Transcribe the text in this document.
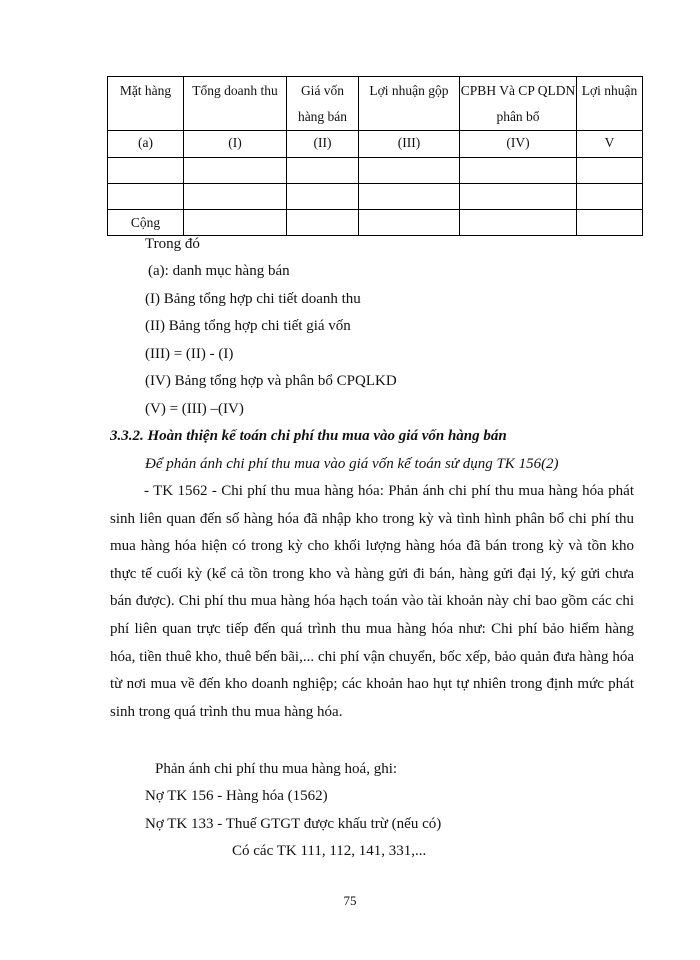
Mặt hàng	Tổng doanh thu	Giá vốn hàng bán	Lợi nhuận gộp	CPBH Và CP QLDN phân bổ	Lợi nhuận
(a)	(I)	(II)	(III)	(IV)	V

Cộng					
Trong đó
(a): danh mục hàng bán
(I) Bảng tổng hợp chi tiết doanh thu
(II) Bảng tổng hợp chi tiết giá vốn
(III) = (II) - (I)
(IV) Bảng tổng hợp và phân bổ CPQLKD
(V) = (III) –(IV)
3.3.2. Hoàn thiện kế toán chi phí thu mua vào giá vốn hàng bán
Để phản ánh chi phí thu mua vào giá vốn kế toán sử dụng TK 156(2)

- TK 1562 - Chi phí thu mua hàng hóa: Phản ánh chi phí thu mua hàng hóa phát sinh liên quan đến số hàng hóa đã nhập kho trong kỳ và tình hình phân bổ chi phí thu mua hàng hóa hiện có trong kỳ cho khối lượng hàng hóa đã bán trong kỳ và tồn kho thực tế cuối kỳ (kể cả tồn trong kho và hàng gửi đi bán, hàng gửi đại lý, ký gửi chưa bán được). Chi phí thu mua hàng hóa hạch toán vào tài khoản này chỉ bao gồm các chi phí liên quan trực tiếp đến quá trình thu mua hàng hóa như: Chi phí bảo hiểm hàng hóa, tiền thuê kho, thuê bến bãi,... chi phí vận chuyển, bốc xếp, bảo quản đưa hàng hóa từ nơi mua về đến kho doanh nghiệp; các khoản hao hụt tự nhiên trong định mức phát sinh trong quá trình thu mua hàng hóa.

Phản ánh chi phí thu mua hàng hoá, ghi:
Nợ TK 156 - Hàng hóa (1562)
Nợ TK 133 - Thuế GTGT được khấu trừ (nếu có)
Có các TK 111, 112, 141, 331,...
75
